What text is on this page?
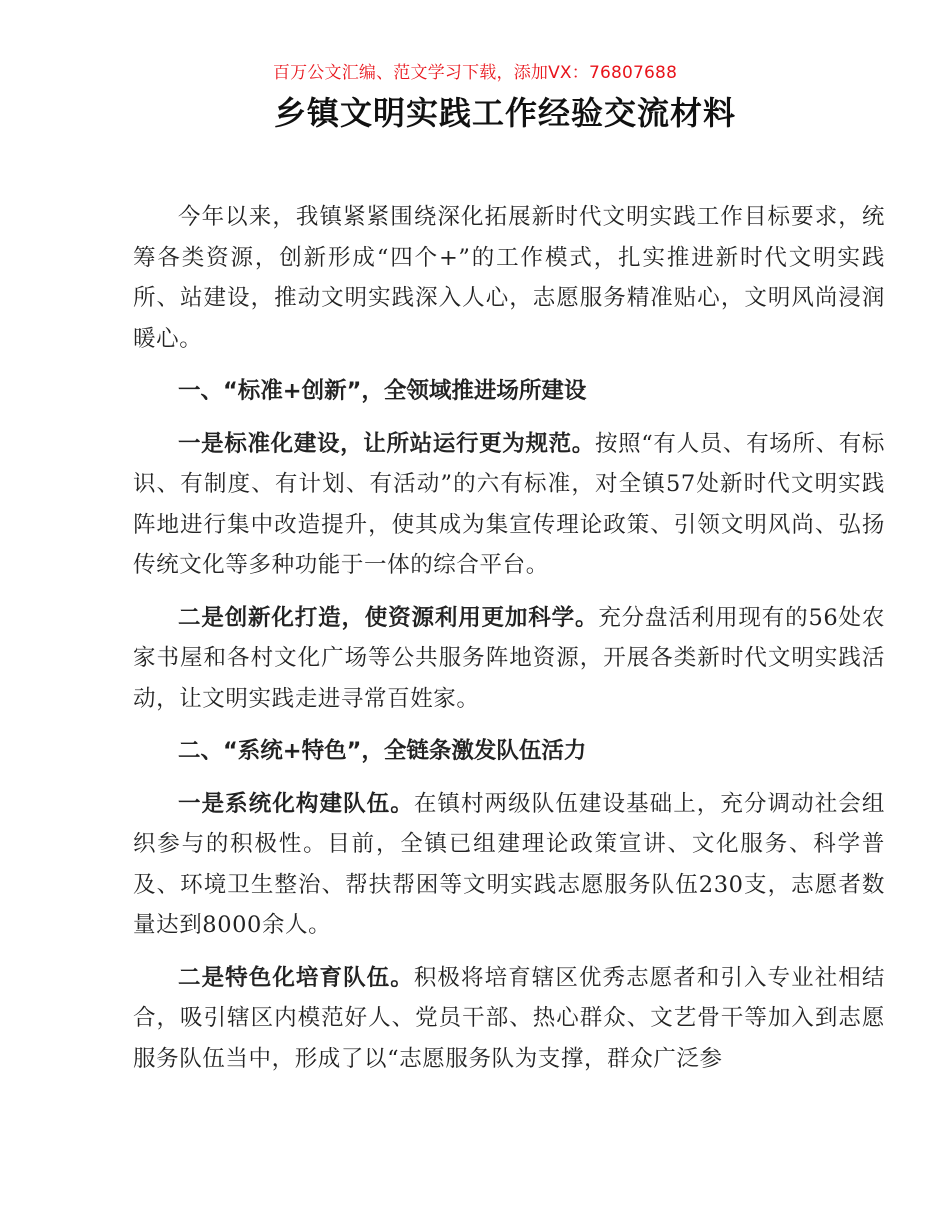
百万公文汇编、范文学习下载，添加VX：76807688
乡镇文明实践工作经验交流材料

今年以来，我镇紧紧围绕深化拓展新时代文明实践工作目标要求，统筹各类资源，创新形成“四个+”的工作模式，扎实推进新时代文明实践所、站建设，推动文明实践深入人心，志愿服务精准贴心，文明风尚浸润暖心。

一、“标准+创新”，全领域推进场所建设

一是标准化建设，让所站运行更为规范。按照“有人员、有场所、有标识、有制度、有计划、有活动”的六有标准，对全镇57处新时代文明实践阵地进行集中改造提升，使其成为集宣传理论政策、引领文明风尚、弘扬传统文化等多种功能于一体的综合平台。

二是创新化打造，使资源利用更加科学。充分盘活利用现有的56处农家书屋和各村文化广场等公共服务阵地资源，开展各类新时代文明实践活动，让文明实践走进寻常百姓家。

二、“系统+特色”，全链条激发队伍活力

一是系统化构建队伍。在镇村两级队伍建设基础上，充分调动社会组织参与的积极性。目前，全镇已组建理论政策宣讲、文化服务、科学普及、环境卫生整治、帮扶帮困等文明实践志愿服务队伍230支，志愿者数量达到8000余人。

二是特色化培育队伍。积极将培育辖区优秀志愿者和引入专业社相结合，吸引辖区内模范好人、党员干部、热心群众、文艺骨干等加入到志愿服务队伍当中，形成了以“志愿服务队为支撑，群众广泛参
